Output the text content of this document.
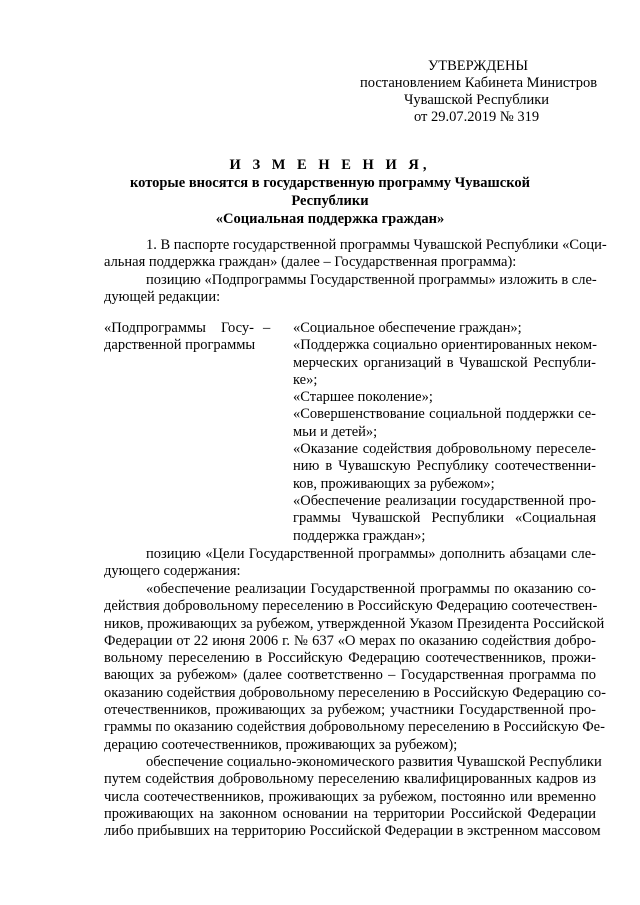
УТВЕРЖДЕНЫ
постановлением Кабинета Министров
Чувашской Республики
от 29.07.2019 № 319
И З М Е Н Е Н И Я,
которые вносятся в государственную программу Чувашской Республики
«Социальная поддержка граждан»
1. В паспорте государственной программы Чувашской Республики «Соци-
альная поддержка граждан» (далее – Государственная программа):
позицию «Подпрограммы Государственной программы» изложить в сле-
дующей редакции:
«Подпрограммы Госу-
дарственной программы
– «Социальное обеспечение граждан»;
«Поддержка социально ориентированных неком-
мерческих организаций в Чувашской Республи-
ке»;
«Старшее поколение»;
«Совершенствование социальной поддержки се-
мьи и детей»;
«Оказание содействия добровольному переселе-
нию в Чувашскую Республику соотечественни-
ков, проживающих за рубежом»;
«Обеспечение реализации государственной про-
граммы Чувашской Республики «Социальная
поддержка граждан»;
позицию «Цели Государственной программы» дополнить абзацами сле-
дующего содержания:
«обеспечение реализации Государственной программы по оказанию со-
действия добровольному переселению в Российскую Федерацию соотечествен-
ников, проживающих за рубежом, утвержденной Указом Президента Российской
Федерации от 22 июня 2006 г. № 637 «О мерах по оказанию содействия добро-
вольному переселению в Российскую Федерацию соотечественников, прожи-
вающих за рубежом» (далее соответственно – Государственная программа по
оказанию содействия добровольному переселению в Российскую Федерацию со-
отечественников, проживающих за рубежом; участники Государственной про-
граммы по оказанию содействия добровольному переселению в Российскую Фе-
дерацию соотечественников, проживающих за рубежом);
обеспечение социально-экономического развития Чувашской Республики
путем содействия добровольному переселению квалифицированных кадров из
числа соотечественников, проживающих за рубежом, постоянно или временно
проживающих на законном основании на территории Российской Федерации
либо прибывших на территорию Российской Федерации в экстренном массовом
